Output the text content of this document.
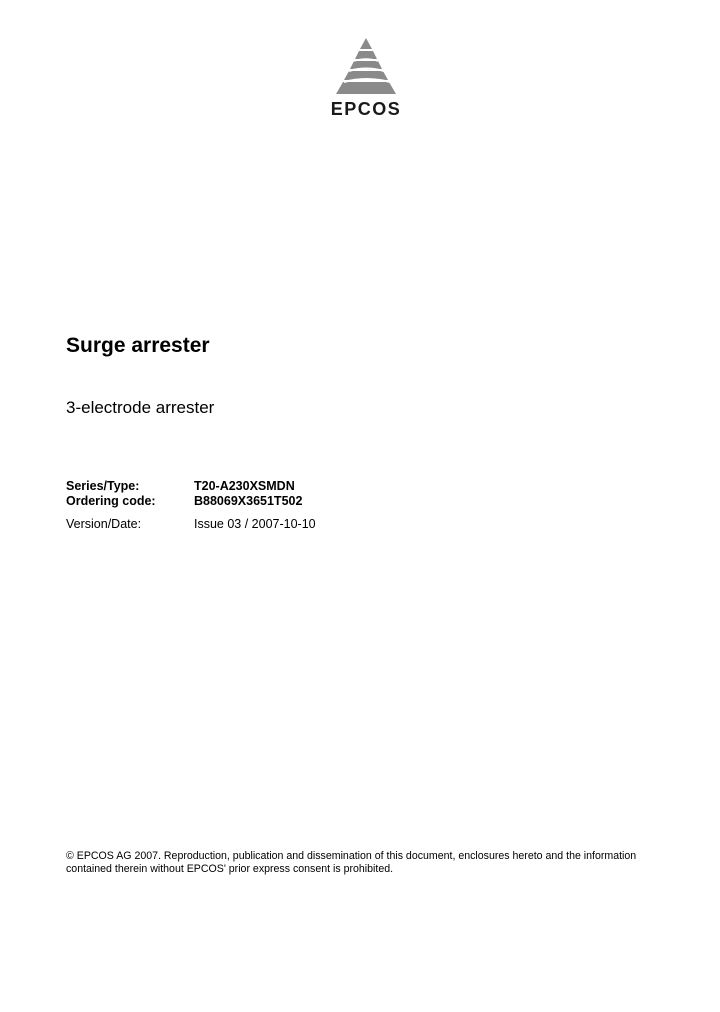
EPCOS
Surge arrester
3-electrode arrester
Series/Type:	T20-A230XSMDN
Ordering code:	B88069X3651T502
Version/Date:	Issue 03 / 2007-10-10
© EPCOS AG 2007. Reproduction, publication and dissemination of this document, enclosures hereto and the information
contained therein without EPCOS' prior express consent is prohibited.
